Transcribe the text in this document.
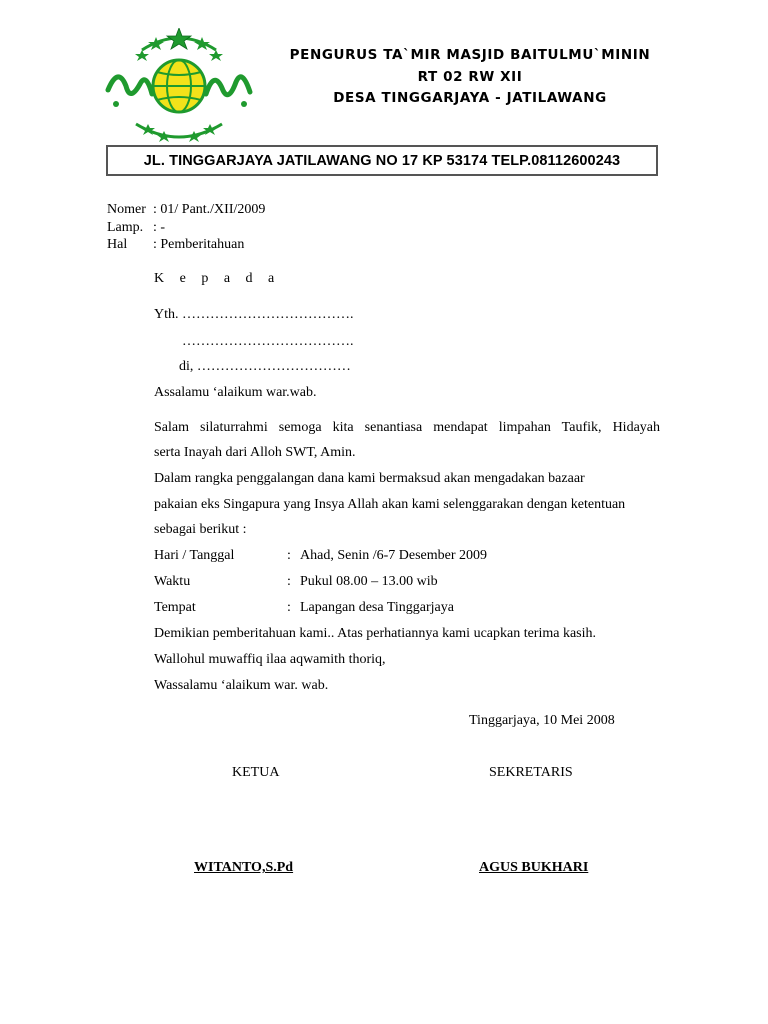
PENGURUS TA`MIR MASJID BAITULMU`MININ
RT 02 RW XII
DESA TINGGARJAYA - JATILAWANG
JL. TINGGARJAYA JATILAWANG NO 17 KP 53174 TELP.08112600243
Nomer : 01/ Pant./XII/2009
Lamp. : -
Hal : Pemberitahuan
K e p a d a
Yth. ……………………………….
……………………………….
di, ……………………………
Assalamu ‘alaikum war.wab.
Salam silaturrahmi semoga kita senantiasa mendapat limpahan Taufik, Hidayah
serta Inayah dari Alloh SWT, Amin.
Dalam rangka penggalangan dana kami bermaksud akan mengadakan bazaar
pakaian eks Singapura yang Insya Allah akan kami selenggarakan dengan ketentuan
sebagai berikut :
Hari / Tanggal	: Ahad, Senin /6-7 Desember 2009
Waktu	: Pukul 08.00 – 13.00 wib
Tempat	: Lapangan desa Tinggarjaya
Demikian pemberitahuan kami.. Atas perhatiannya kami ucapkan terima kasih.
Wallohul muwaffiq ilaa aqwamith thoriq,
Wassalamu ‘alaikum war. wab.
Tinggarjaya, 10 Mei 2008
KETUA	SEKRETARIS
WITANTO,S.Pd	AGUS BUKHARI
